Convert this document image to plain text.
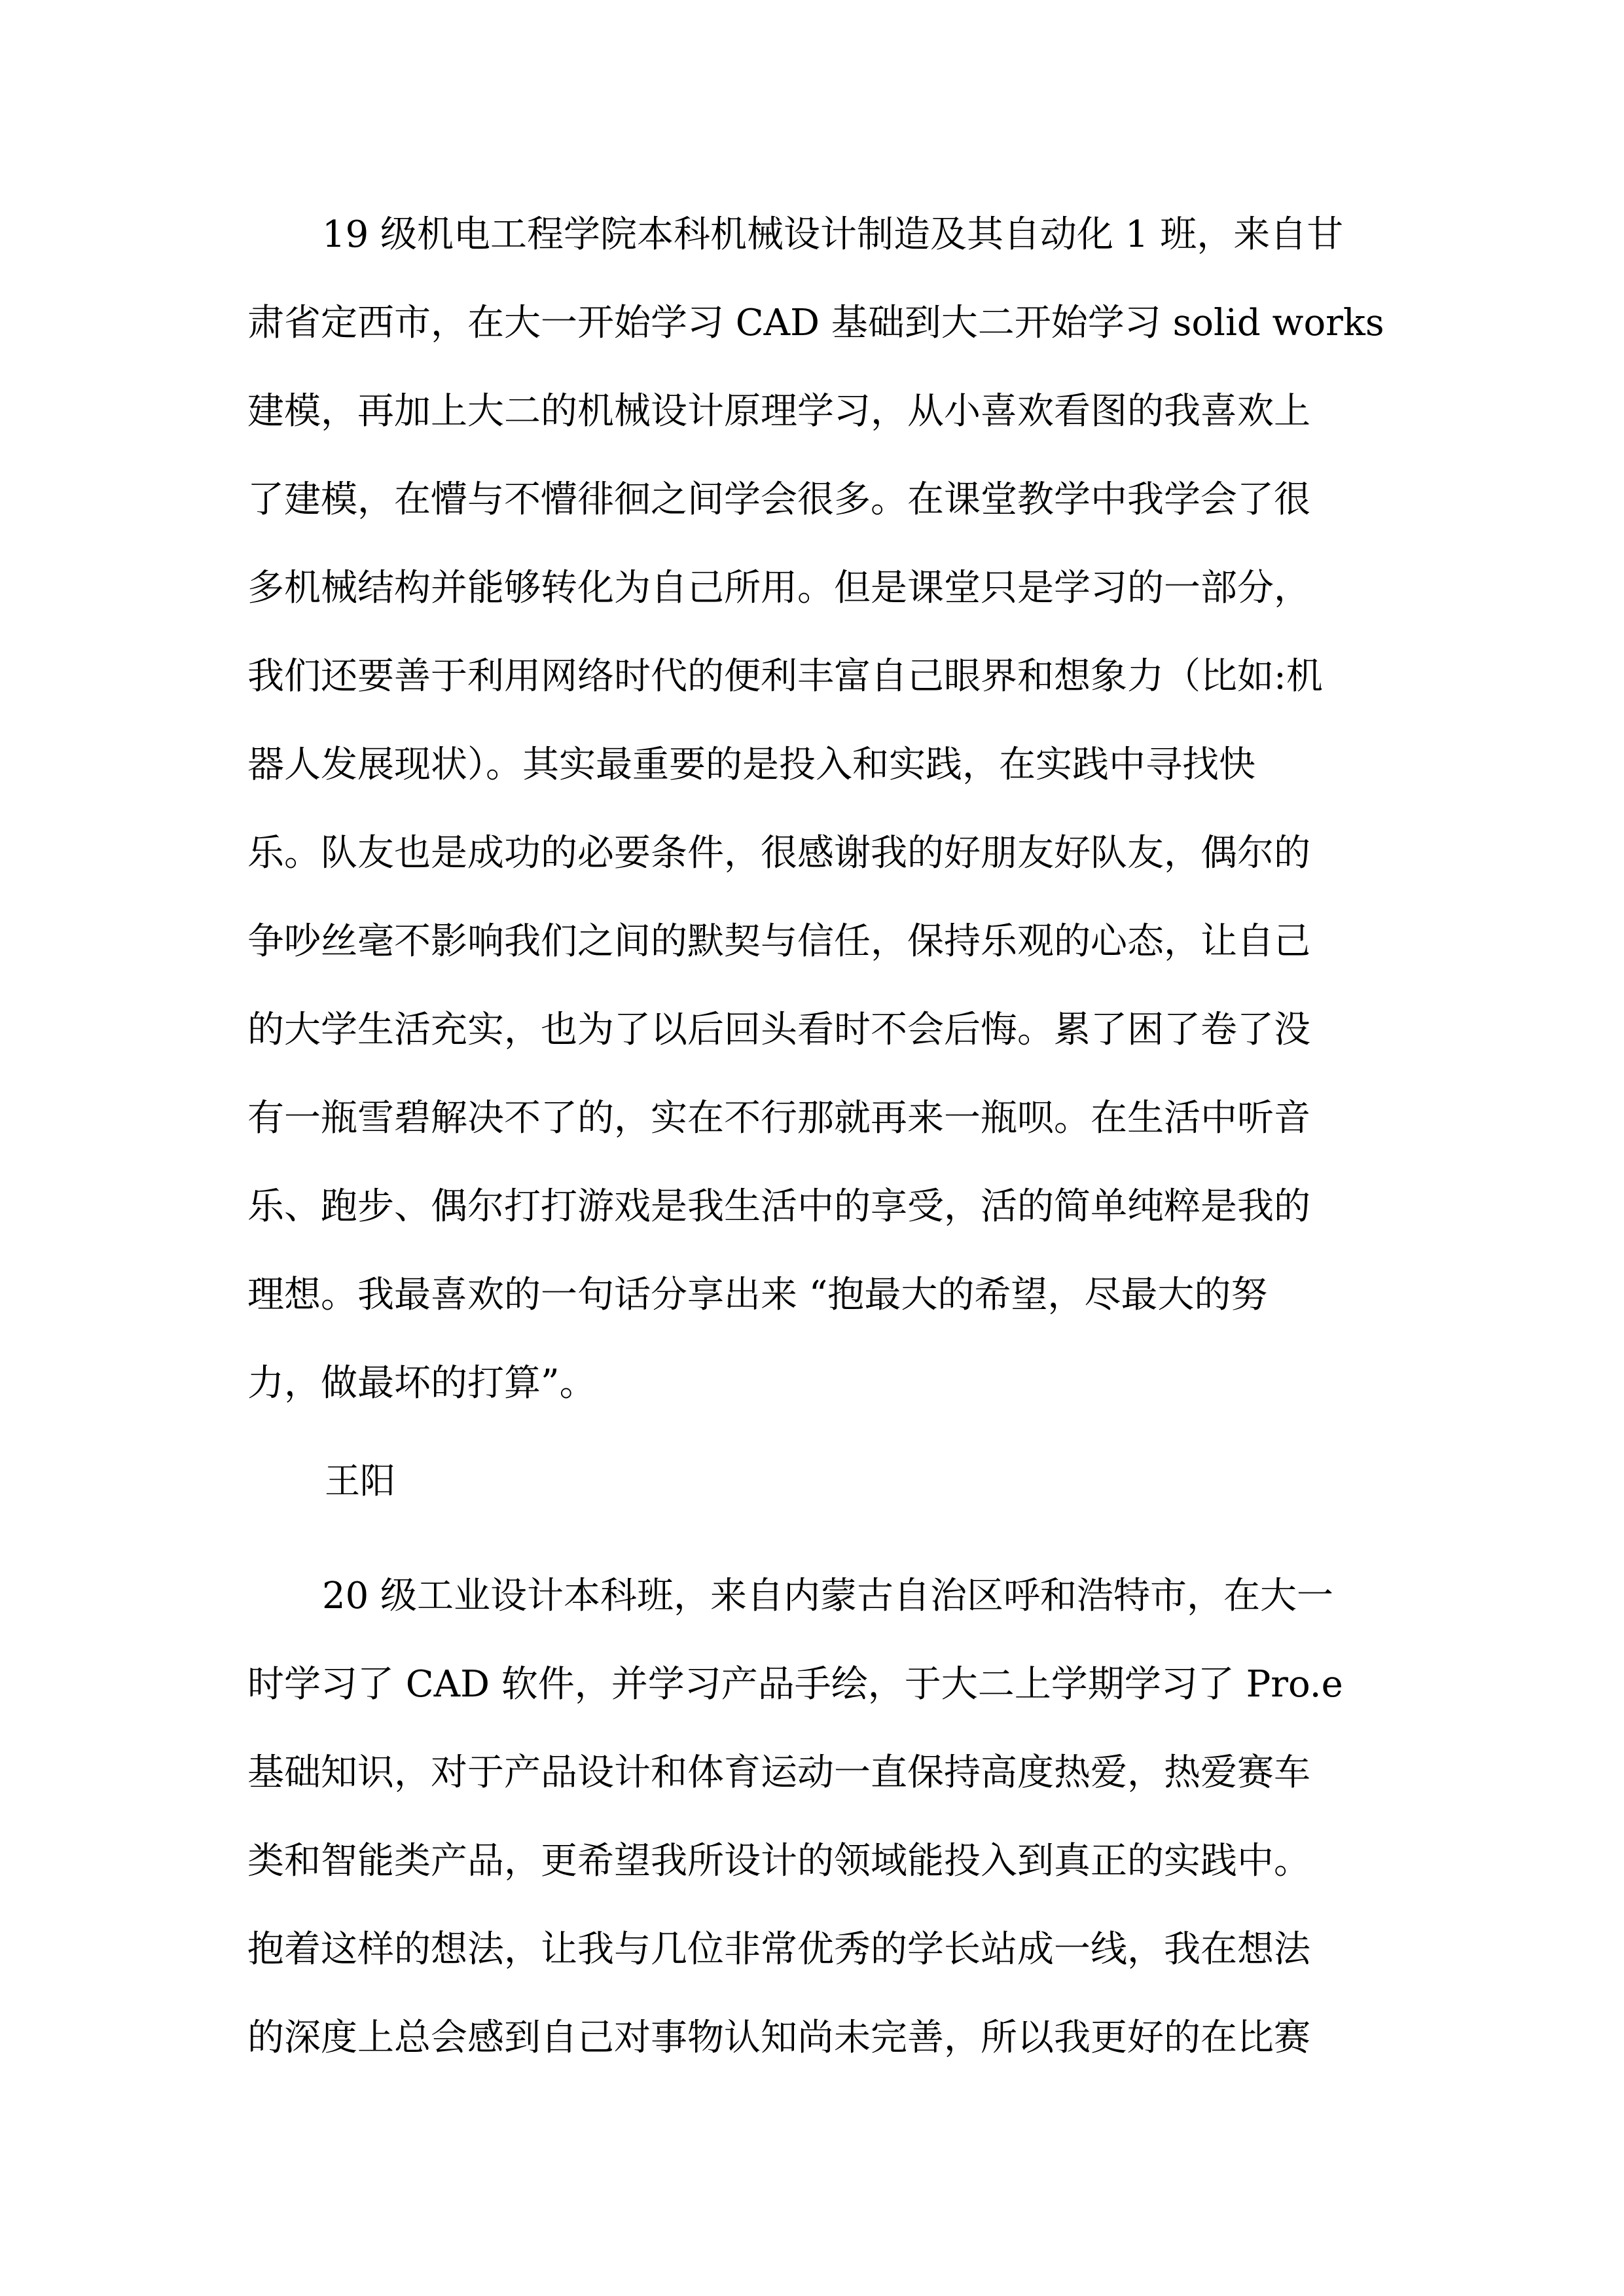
19 级机电工程学院本科机械设计制造及其自动化 1 班，来自甘
肃省定西市，在大一开始学习 CAD 基础到大二开始学习 solid works
建模，再加上大二的机械设计原理学习，从小喜欢看图的我喜欢上
了建模，在懵与不懵徘徊之间学会很多。在课堂教学中我学会了很
多机械结构并能够转化为自己所用。但是课堂只是学习的一部分，
我们还要善于利用网络时代的便利丰富自己眼界和想象力（比如:机
器人发展现状）。其实最重要的是投入和实践，在实践中寻找快
乐。队友也是成功的必要条件，很感谢我的好朋友好队友，偶尔的
争吵丝毫不影响我们之间的默契与信任，保持乐观的心态，让自己
的大学生活充实，也为了以后回头看时不会后悔。累了困了卷了没
有一瓶雪碧解决不了的，实在不行那就再来一瓶呗。在生活中听音
乐、跑步、偶尔打打游戏是我生活中的享受，活的简单纯粹是我的
理想。我最喜欢的一句话分享出来 “抱最大的希望，尽最大的努
力，做最坏的打算”。
王阳
20 级工业设计本科班，来自内蒙古自治区呼和浩特市，在大一
时学习了 CAD 软件，并学习产品手绘，于大二上学期学习了 Pro.e
基础知识，对于产品设计和体育运动一直保持高度热爱，热爱赛车
类和智能类产品，更希望我所设计的领域能投入到真正的实践中。
抱着这样的想法，让我与几位非常优秀的学长站成一线，我在想法
的深度上总会感到自己对事物认知尚未完善，所以我更好的在比赛
